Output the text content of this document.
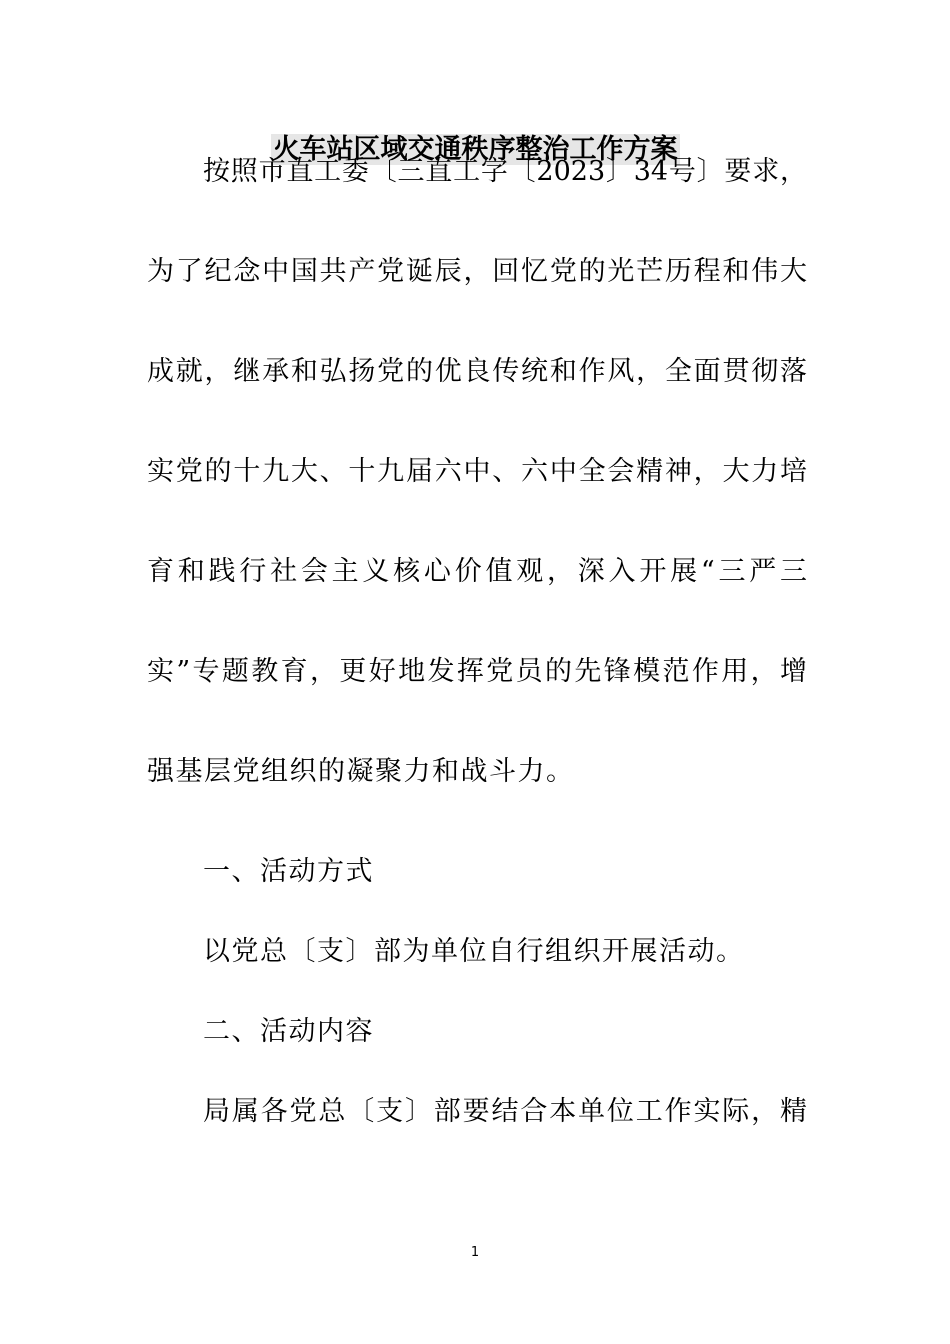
火车站区域交通秩序整治工作方案
按照市直工委〔三直工字〔2023〕34号〕要求，
为了纪念中国共产党诞辰，回忆党的光芒历程和伟大
成就，继承和弘扬党的优良传统和作风，全面贯彻落
实党的十九大、十九届六中、六中全会精神，大力培
育和践行社会主义核心价值观，深入开展“三严三
实”专题教育，更好地发挥党员的先锋模范作用，增
强基层党组织的凝聚力和战斗力。
一、活动方式
以党总〔支〕部为单位自行组织开展活动。
二、活动内容
局属各党总〔支〕部要结合本单位工作实际，精
1
